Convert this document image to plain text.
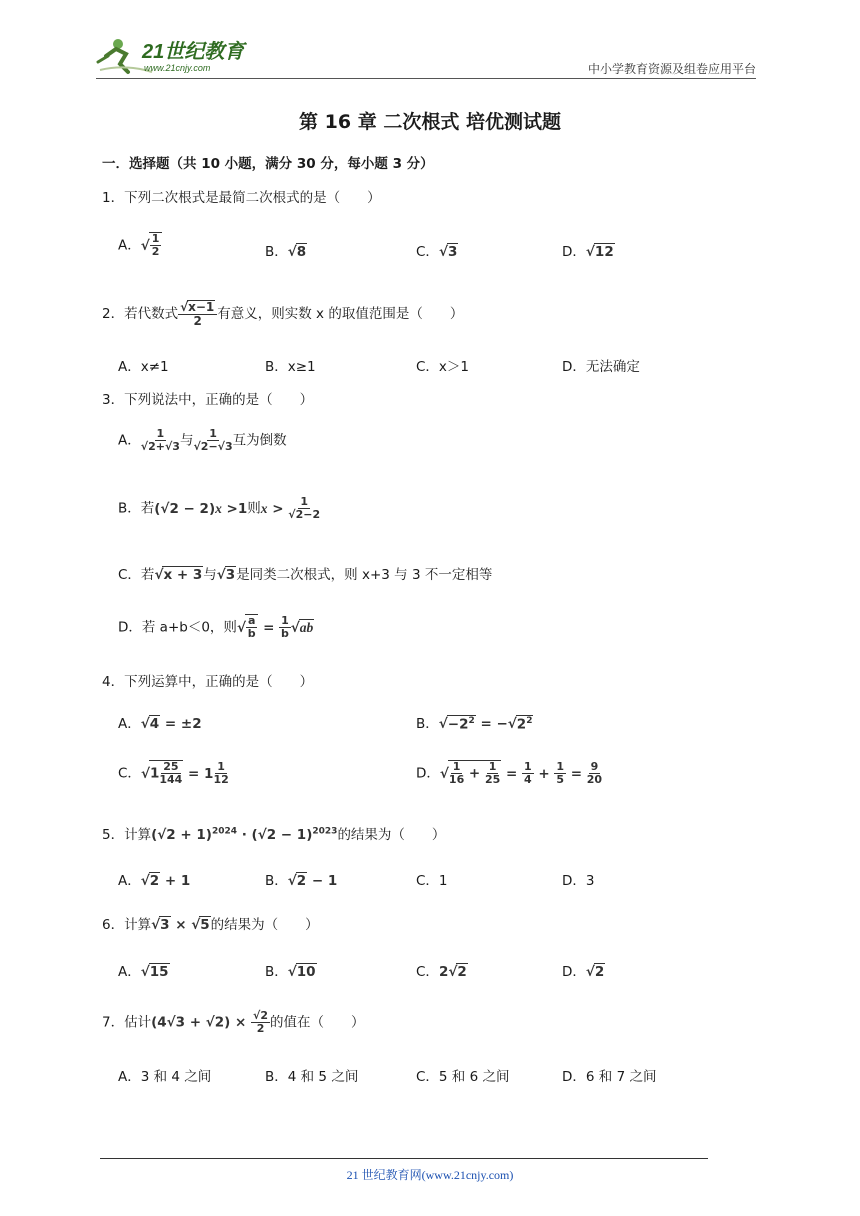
21世纪教育
www.21cnjy.com	中小学教育资源及组卷应用平台
第 16 章 二次根式 培优测试题
一．选择题（共 10 小题，满分 30 分，每小题 3 分）
1．下列二次根式是最简二次根式的是（　　）
A．√ $\frac{1}{2}$	B．√8	C．√3	D．√12
2．若代数式 $\frac{√x-1}{2}$ 有意义，则实数 x 的取值范围是（　　）
A．x≠1	B．x≥1	C．x＞1	D．无法确定
3．下列说法中，正确的是（　　）
A． $\frac{1}{√2+√3}$ 与 $\frac{1}{√2-√3}$ 互为倒数
B．若(√2 − 2)x >1则$x > \frac{1}{√2-2}$
C．若√x + 3与√3是同类二次根式，则 x+3 与 3 不一定相等
D．若 a+b＜0，则√ $\frac{a}{b} = \frac{1}{b} √ab$
4．下列运算中，正确的是（　　）
A．√4 = ±2	B．$√-2^2 = -√2^2$
C．$√1 \frac{25}{144} = 1 \frac{1}{12}$	D．√ $\frac{1}{16} + \frac{1}{25} = \frac{1}{4} + \frac{1}{5} = \frac{9}{20}$
5．计算$(√2 + 1)^{2024} \cdot (√2 - 1)^{2023}$的结果为（　　）
A．√2 + 1	B．√2 − 1	C．1	D．3
6．计算√3 × √5的结果为（　　）
A．√15	B．√10	C．2√2	D．√2
7．估计$(4√3 + √2) \times \frac{√2}{2}$ 的值在（　　）
A．3 和 4 之间	B．4 和 5 之间	C．5 和 6 之间	D．6 和 7 之间
21 世纪教育网(www.21cnjy.com)
